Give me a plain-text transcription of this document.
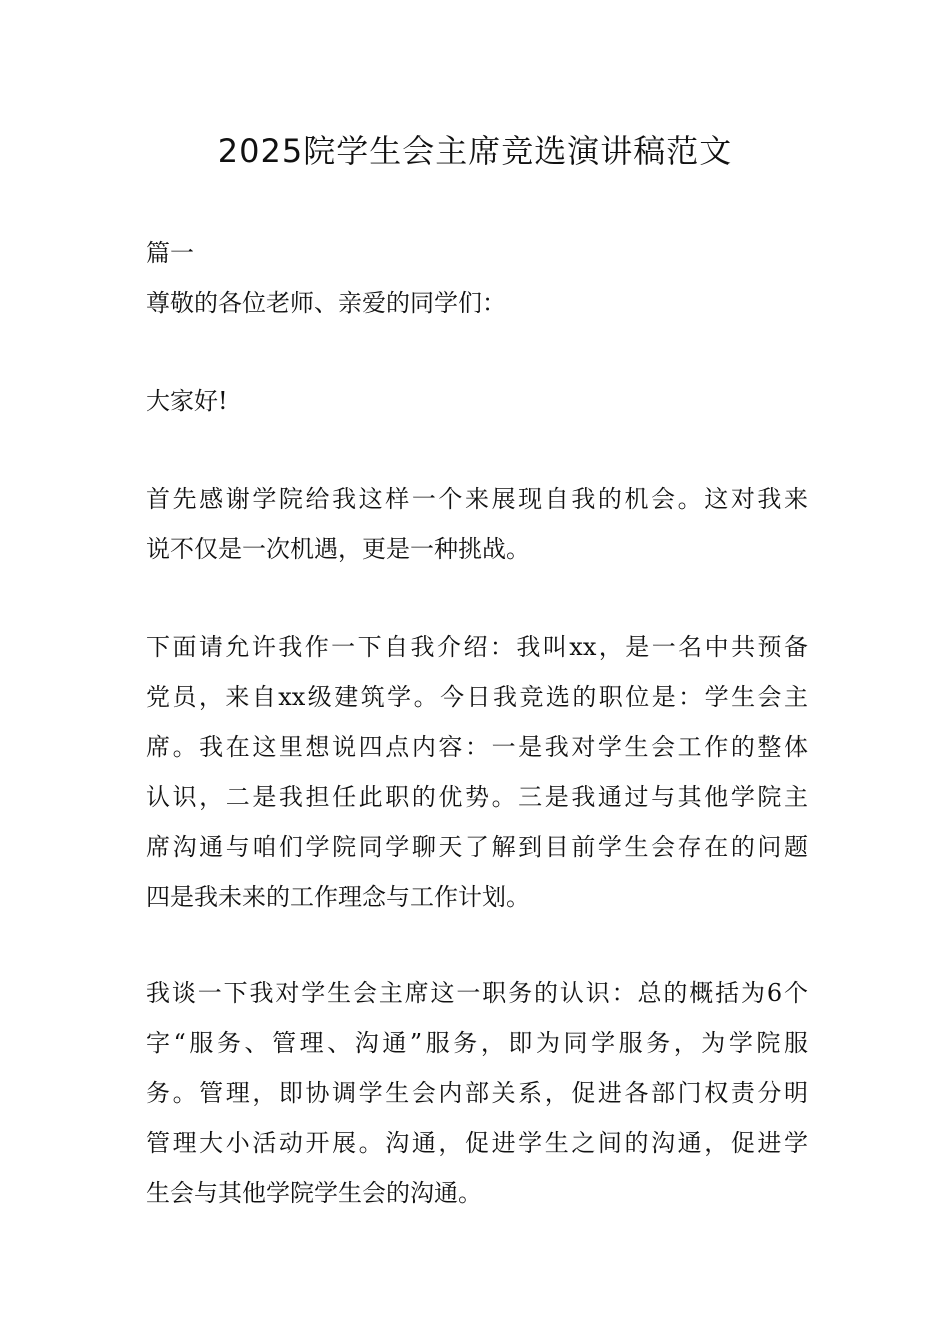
2025院学生会主席竞选演讲稿范文

篇一

尊敬的各位老师、亲爱的同学们：

大家好!

首先感谢学院给我这样一个来展现自我的机会。这对我来
说不仅是一次机遇，更是一种挑战。

下面请允许我作一下自我介绍：我叫xx，是一名中共预备
党员，来自xx级建筑学。今日我竞选的职位是：学生会主
席。我在这里想说四点内容：一是我对学生会工作的整体
认识，二是我担任此职的优势。三是我通过与其他学院主
席沟通与咱们学院同学聊天了解到目前学生会存在的问题
四是我未来的工作理念与工作计划。

我谈一下我对学生会主席这一职务的认识：总的概括为6个
字“服务、管理、沟通”服务，即为同学服务，为学院服
务。管理，即协调学生会内部关系，促进各部门权责分明
管理大小活动开展。沟通，促进学生之间的沟通，促进学
生会与其他学院学生会的沟通。
